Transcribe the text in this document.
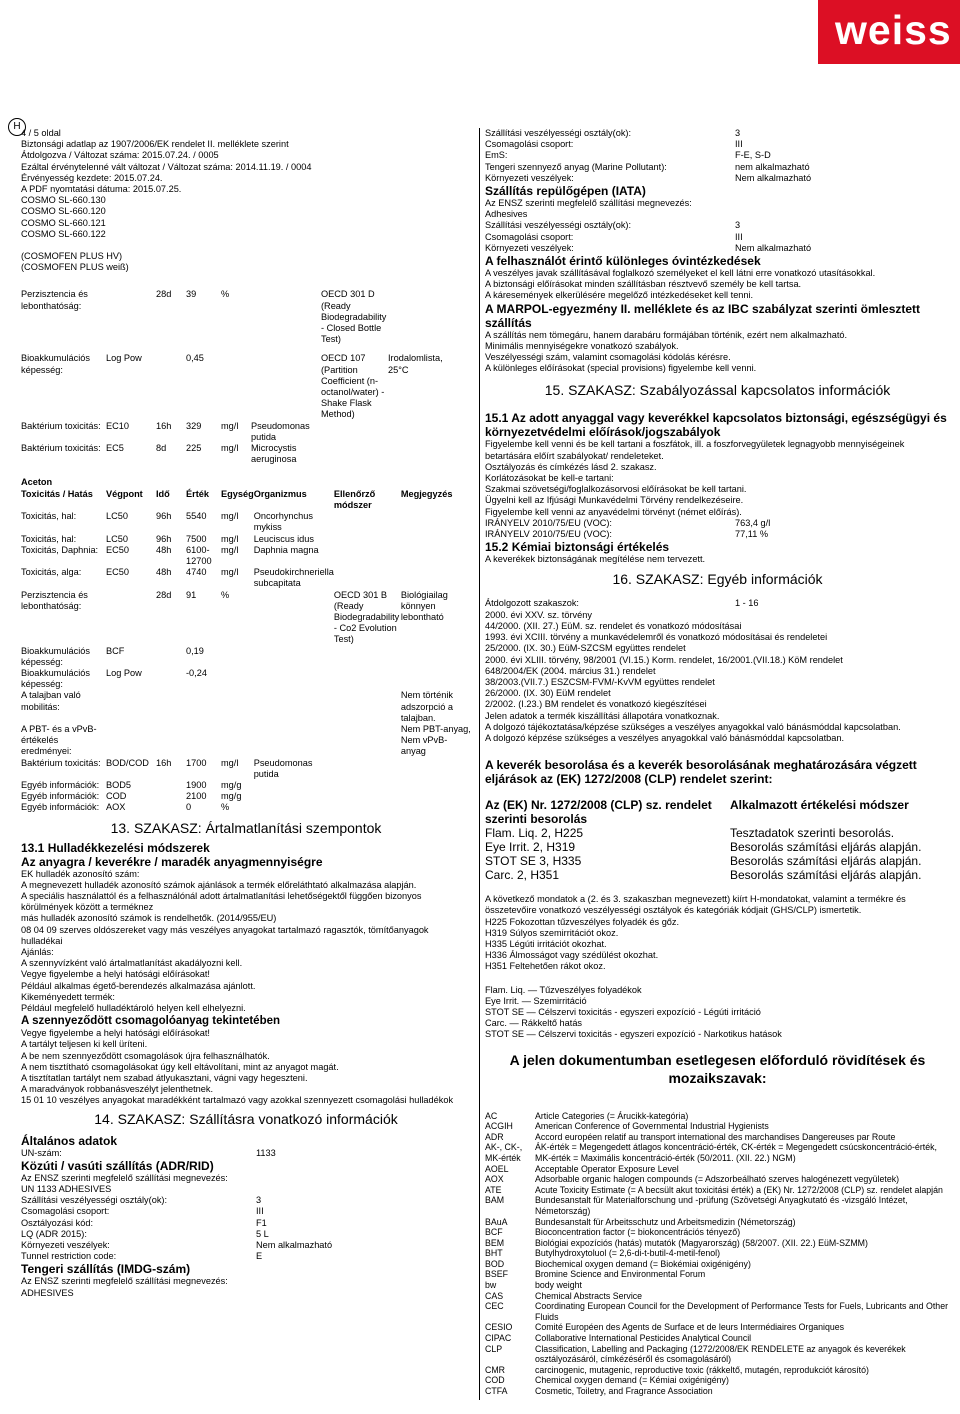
weiss
H
4 / 5 oldal
Biztonsági adatlap az 1907/2006/EK rendelet II. melléklete szerint
Átdolgozva / Változat száma: 2015.07.24. / 0005
Ezáltal érvénytelenné vált változat / Változat száma: 2014.11.19. / 0004
Érvényesség kezdete: 2015.07.24.
A PDF nyomtatási dátuma: 2015.07.25.
COSMO SL-660.130
COSMO SL-660.120
COSMO SL-660.121
COSMO SL-660.122
(COSMOFEN PLUS HV)
(COSMOFEN PLUS weiß)
Perzisztencia és lebonthatóság:		28d	39	%		OECD 301 D (Ready Biodegradability - Closed Bottle Test)	

Bioakkumulációs képesség:	Log Pow		0,45			OECD 107 (Partition Coefficient (n-octanol/water) - Shake Flask Method)	Irodalomlista, 25°C
Baktérium toxicitás:	EC10	16h	329	mg/l	Pseudomonas putida		
Baktérium toxicitás:	EC5	8d	225	mg/l	Microcystis aeruginosa		
Aceton
Toxicitás / Hatás	Végpont	Idő	Érték	Egység	Organizmus	Ellenőrző módszer	Megjegyzés
Toxicitás, hal:	LC50	96h	5540	mg/l	Oncorhynchus mykiss		
Toxicitás, hal:	LC50	96h	7500	mg/l	Leuciscus idus		
Toxicitás, Daphnia:	EC50	48h	6100-12700	mg/l	Daphnia magna		
Toxicitás, alga:	EC50	48h	4740	mg/l	Pseudokirchneriella subcapitata		
Perzisztencia és lebonthatóság:		28d	91	%		OECD 301 B (Ready Biodegradability - Co2 Evolution Test)	Biológiailag könnyen lebontható
Bioakkumulációs képesség:	BCF		0,19				
Bioakkumulációs képesség:	Log Pow		-0,24				
A talajban való mobilitás:							Nem történik adszorpció a talajban.
A PBT- és a vPvB-értékelés eredményei:							Nem PBT-anyag, Nem vPvB-anyag
Baktérium toxicitás:	BOD/COD	16h	1700	mg/l	Pseudomonas putida		
Egyéb információk:	BOD5		1900	mg/g			
Egyéb információk:	COD		2100	mg/g			
Egyéb információk:	AOX		0	%			
13. SZAKASZ: Ártalmatlanítási szempontok
13.1 Hulladékkezelési módszerek
Az anyagra / keverékre / maradék anyagmennyiségre
EK hulladék azonosító szám:
A megnevezett hulladék azonosító számok ajánlások a termék előreláthtató alkalmazása alapján.
A speciális használattól és a felhasználónál adott ártalmatlanítási lehetőségektől függően bizonyos körülmények között a terméknez
más hulladék azonosító számok is rendelhetők. (2014/955/EU)
08 04 09 szerves oldószereket vagy más veszélyes anyagokat tartalmazó ragasztók, tömítőanyagok hulladékai
Ajánlás:
A szennyvízként való ártalmatlanítást akadályozni kell.
Vegye figyelembe a helyi hatósági előírásokat!
Például alkalmas égető-berendezés alkalmazása ajánlott.
Kikeményedett termék:
Például megfelelő hulladéktároló helyen kell elhelyezni.
A szennyeződött csomagolóanyag tekintetében
Vegye figyelembe a helyi hatósági előírásokat!
A tartályt teljesen ki kell üríteni.
A be nem szennyeződött csomagolások újra felhasználhatók.
A nem tisztítható csomagolásokat úgy kell eltávolítani, mint az anyagot magát.
A tisztítatlan tartályt nem szabad átlyukasztani, vágni vagy hegeszteni.
A maradványok robbanásveszélyt jelenthetnek.
15 01 10 veszélyes anyagokat maradékként tartalmazó vagy azokkal szennyezett csomagolási hulladékok
14. SZAKASZ: Szállításra vonatkozó információk
Általános adatok
UN-szám:	1133
Közúti / vasúti szállítás (ADR/RID)
Az ENSZ szerinti megfelelő szállítási megnevezés:	
UN 1133 ADHESIVES	
Szállítási veszélyességi osztály(ok):	3
Csomagolási csoport:	III
Osztályozási kód:	F1
LQ (ADR 2015):	5 L
Környezeti veszélyek:	Nem alkalmazható
Tunnel restriction code:	E
Tengeri szállítás (IMDG-szám)
Az ENSZ szerinti megfelelő szállítási megnevezés:
ADHESIVES
Szállítási veszélyességi osztály(ok):	3
Csomagolási csoport:	III
EmS:	F-E, S-D
Tengeri szennyező anyag (Marine Pollutant):	nem alkalmazható
Környezeti veszélyek:	Nem alkalmazható
Szállítás repülőgépen (IATA)
Az ENSZ szerinti megfelelő szállítási megnevezés:	
Adhesives	
Szállítási veszélyességi osztály(ok):	3
Csomagolási csoport:	III
Környezeti veszélyek:	Nem alkalmazható
A felhasználót érintő különleges óvintézkedések
A veszélyes javak szállításával foglalkozó személyeket el kell látni erre vonatkozó utasításokkal.
A biztonsági előírásokat minden szállításban résztvevő személy be kell tartsa.
A káresemények elkerülésére megelőző intézkedéseket kell tenni.
A MARPOL-egyezmény II. melléklete és az IBC szabályzat szerinti ömlesztett szállítás
A szállítás nem tömegáru, hanem darabáru formájában történik, ezért nem alkalmazható.
Minimális mennyiségekre vonatkozó szabályok.
Veszélyességi szám, valamint csomagolási kódolás kérésre.
A különleges előírásokat (special provisions) figyelembe kell venni.
15. SZAKASZ: Szabályozással kapcsolatos információk
15.1 Az adott anyaggal vagy keverékkel kapcsolatos biztonsági, egészségügyi és környezetvédelmi előírások/jogszabályok
Figyelembe kell venni és be kell tartani a foszfátok, ill. a foszforvegyületek legnagyobb mennyiségeinek betartására előírt szabályokat/ rendeleteket.
Osztályozás és címkézés lásd 2. szakasz.
Korlátozásokat be kell-e tartani:
Szakmai szövetségi/foglalkozásorvosi előírásokat be kell tartani.
Ügyelni kell az Ifjúsági Munkavédelmi Törvény rendelkezéseire.
Figyelembe kell venni az anyavédelmi törvényt (német előírás).
IRÁNYELV 2010/75/EU (VOC):	763,4 g/l
IRÁNYELV 2010/75/EU (VOC):	77,11 %
15.2 Kémiai biztonsági értékelés
A keverékek biztonságának megítélése nem tervezett.
16. SZAKASZ: Egyéb információk
Átdolgozott szakaszok:	1 - 16
2000. évi XXV. sz. törvény
44/2000. (XII. 27.) EüM. sz. rendelet és vonatkozó módosításai
1993. évi XCIII. törvény a munkavédelemről és vonatkozó módosításai és rendeletei
25/2000. (IX. 30.) EüM-SZCSM együttes rendelet
2000. évi XLIII. törvény, 98/2001 (VI.15.) Korm. rendelet, 16/2001.(VII.18.) KöM rendelet
648/2004/EK (2004. március 31.) rendelet
38/2003.(VII.7.) ESZCSM-FVM/-KvVM együttes rendelet
26/2000. (IX. 30) EüM rendelet
2/2002. (I.23.) BM rendelet és vonatkozó kiegészítései
Jelen adatok a termék kiszállítási állapotára vonatkoznak.
A dolgozó tájékoztatása/képzése szükséges a veszélyes anyagokkal való bánásmóddal kapcsolatban.
A dolgozó képzése szükséges a veszélyes anyagokkal való bánásmóddal kapcsolatban.
A keverék besorolása és a keverék besorolásának meghatározására végzett eljárások az (EK) 1272/2008 (CLP) rendelet szerint:
Az (EK) Nr. 1272/2008 (CLP) sz. rendelet szerinti besorolás	Alkalmazott értékelési módszer
Flam. Liq. 2, H225	Tesztadatok szerinti besorolás.
Eye Irrit. 2, H319	Besorolás számítási eljárás alapján.
STOT SE 3, H335	Besorolás számítási eljárás alapján.
Carc. 2, H351	Besorolás számítási eljárás alapján.
A következő mondatok a (2. és 3. szakaszban megnevezett) kiírt H-mondatokat, valamint a termékre és összetevőire vonatkozó veszélyességi osztályok és kategóriák kódjait (GHS/CLP) ismertetik.
H225 Fokozottan tűzveszélyes folyadék és gőz.
H319 Súlyos szemirritációt okoz.
H335 Légúti irritációt okozhat.
H336 Álmosságot vagy szédülést okozhat.
H351 Feltehetően rákot okoz.
Flam. Liq. — Tűzveszélyes folyadékok
Eye Irrit. — Szemirritáció
STOT SE — Célszervi toxicitás - egyszeri expozíció - Légúti irritáció
Carc. — Rákkeltő hatás
STOT SE — Célszervi toxicitás - egyszeri expozíció - Narkotikus hatások
A jelen dokumentumban esetlegesen előforduló rövidítések és mozaikszavak:
AC	Article Categories (= Árucikk-kategória)
ACGIH	American Conference of Governmental Industrial Hygienists
ADR	Accord européen relatif au transport international des marchandises Dangereuses par Route
AK-, CK-, MK-érték	ÁK-érték = Megengedett átlagos koncentráció-érték, CK-érték = Megengedett csúcskoncentráció-érték, MK-érték = Maximális koncentráció-érték (50/2011. (XII. 22.) NGM)
AOEL	Acceptable Operator Exposure Level
AOX	Adsorbable organic halogen compounds (= Adszorbeálható szerves halogénezett vegyületek)
ATE	Acute Toxicity Estimate (= A becsült akut toxicitási érték) a (EK) Nr. 1272/2008 (CLP) sz. rendelet alapján
BAM	Bundesanstalt für Materialforschung und -prüfung (Szövetségi Anyagkutató és -vizsgáló Intézet, Németország)
BAuA	Bundesanstalt für Arbeitsschutz und Arbeitsmedizin (Németország)
BCF	Bioconcentration factor (= biokoncentrációs tényező)
BEM	Biológiai expozíciós (hatás) mutatók (Magyarország) (58/2007. (XII. 22.) EüM-SZMM)
BHT	Butylhydroxytoluol (= 2,6-di-t-butil-4-metil-fenol)
BOD	Biochemical oxygen demand (= Biokémiai oxigénigény)
BSEF	Bromine Science and Environmental Forum
bw	body weight
CAS	Chemical Abstracts Service
CEC	Coordinating European Council for the Development of Performance Tests for Fuels, Lubricants and Other Fluids
CESIO	Comité Européen des Agents de Surface et de leurs Intermédiaires Organiques
CIPAC	Collaborative International Pesticides Analytical Council
CLP	Classification, Labelling and Packaging (1272/2008/EK RENDELETE az anyagok és keverékek osztályozásáról, címkézéséről és csomagolásáról)
CMR	carcinogenic, mutagenic, reproductive toxic (rákkeltő, mutagén, reprodukciót károsító)
COD	Chemical oxygen demand (= Kémiai oxigénigény)
CTFA	Cosmetic, Toiletry, and Fragrance Association
